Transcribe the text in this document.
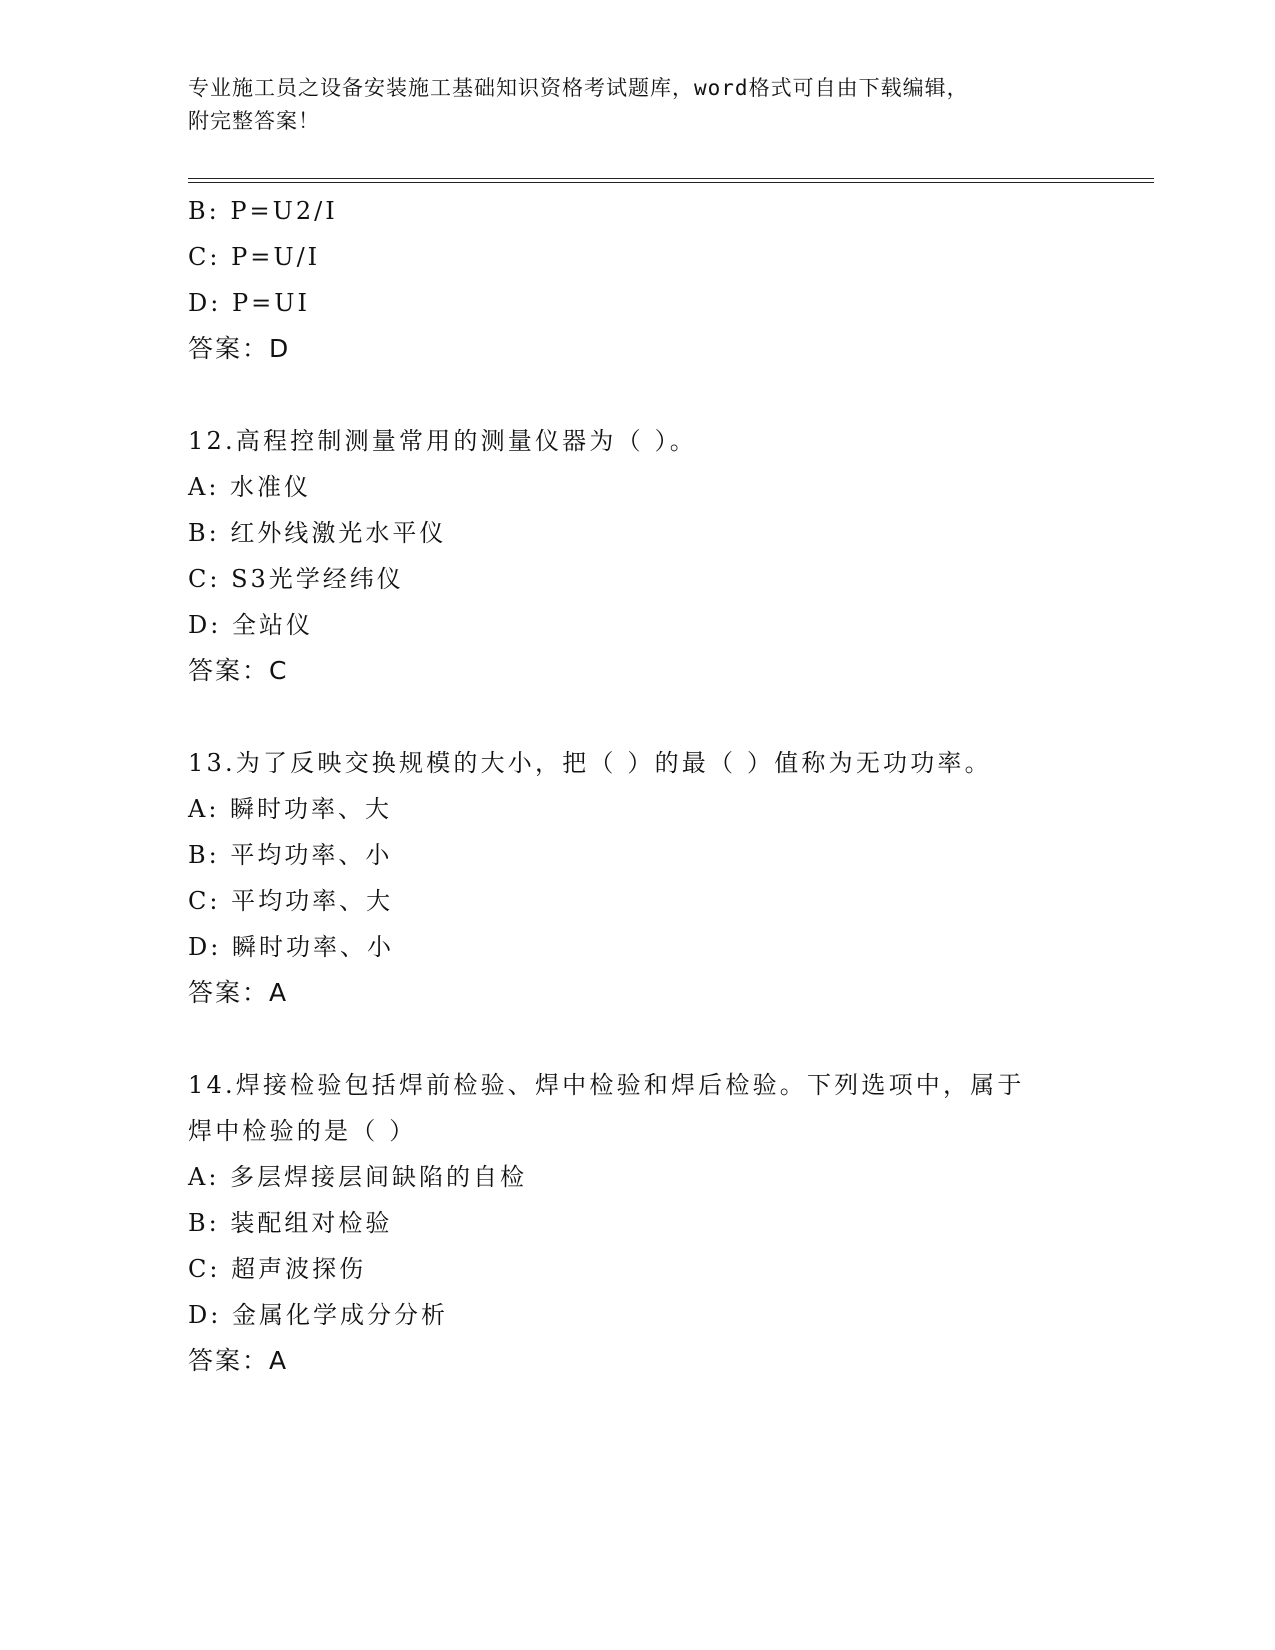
专业施工员之设备安装施工基础知识资格考试题库，word格式可自由下载编辑，
附完整答案！
B: P=U2/I
C: P=U/I
D: P=UI
答案：D
12.高程控制测量常用的测量仪器为（ ）。
A: 水准仪
B: 红外线激光水平仪
C: S3光学经纬仪
D: 全站仪
答案：C
13.为了反映交换规模的大小，把（ ）的最（ ）值称为无功功率。
A: 瞬时功率、大
B: 平均功率、小
C: 平均功率、大
D: 瞬时功率、小
答案：A
14.焊接检验包括焊前检验、焊中检验和焊后检验。下列选项中，属于
焊中检验的是（ ）
A: 多层焊接层间缺陷的自检
B: 装配组对检验
C: 超声波探伤
D: 金属化学成分分析
答案：A
